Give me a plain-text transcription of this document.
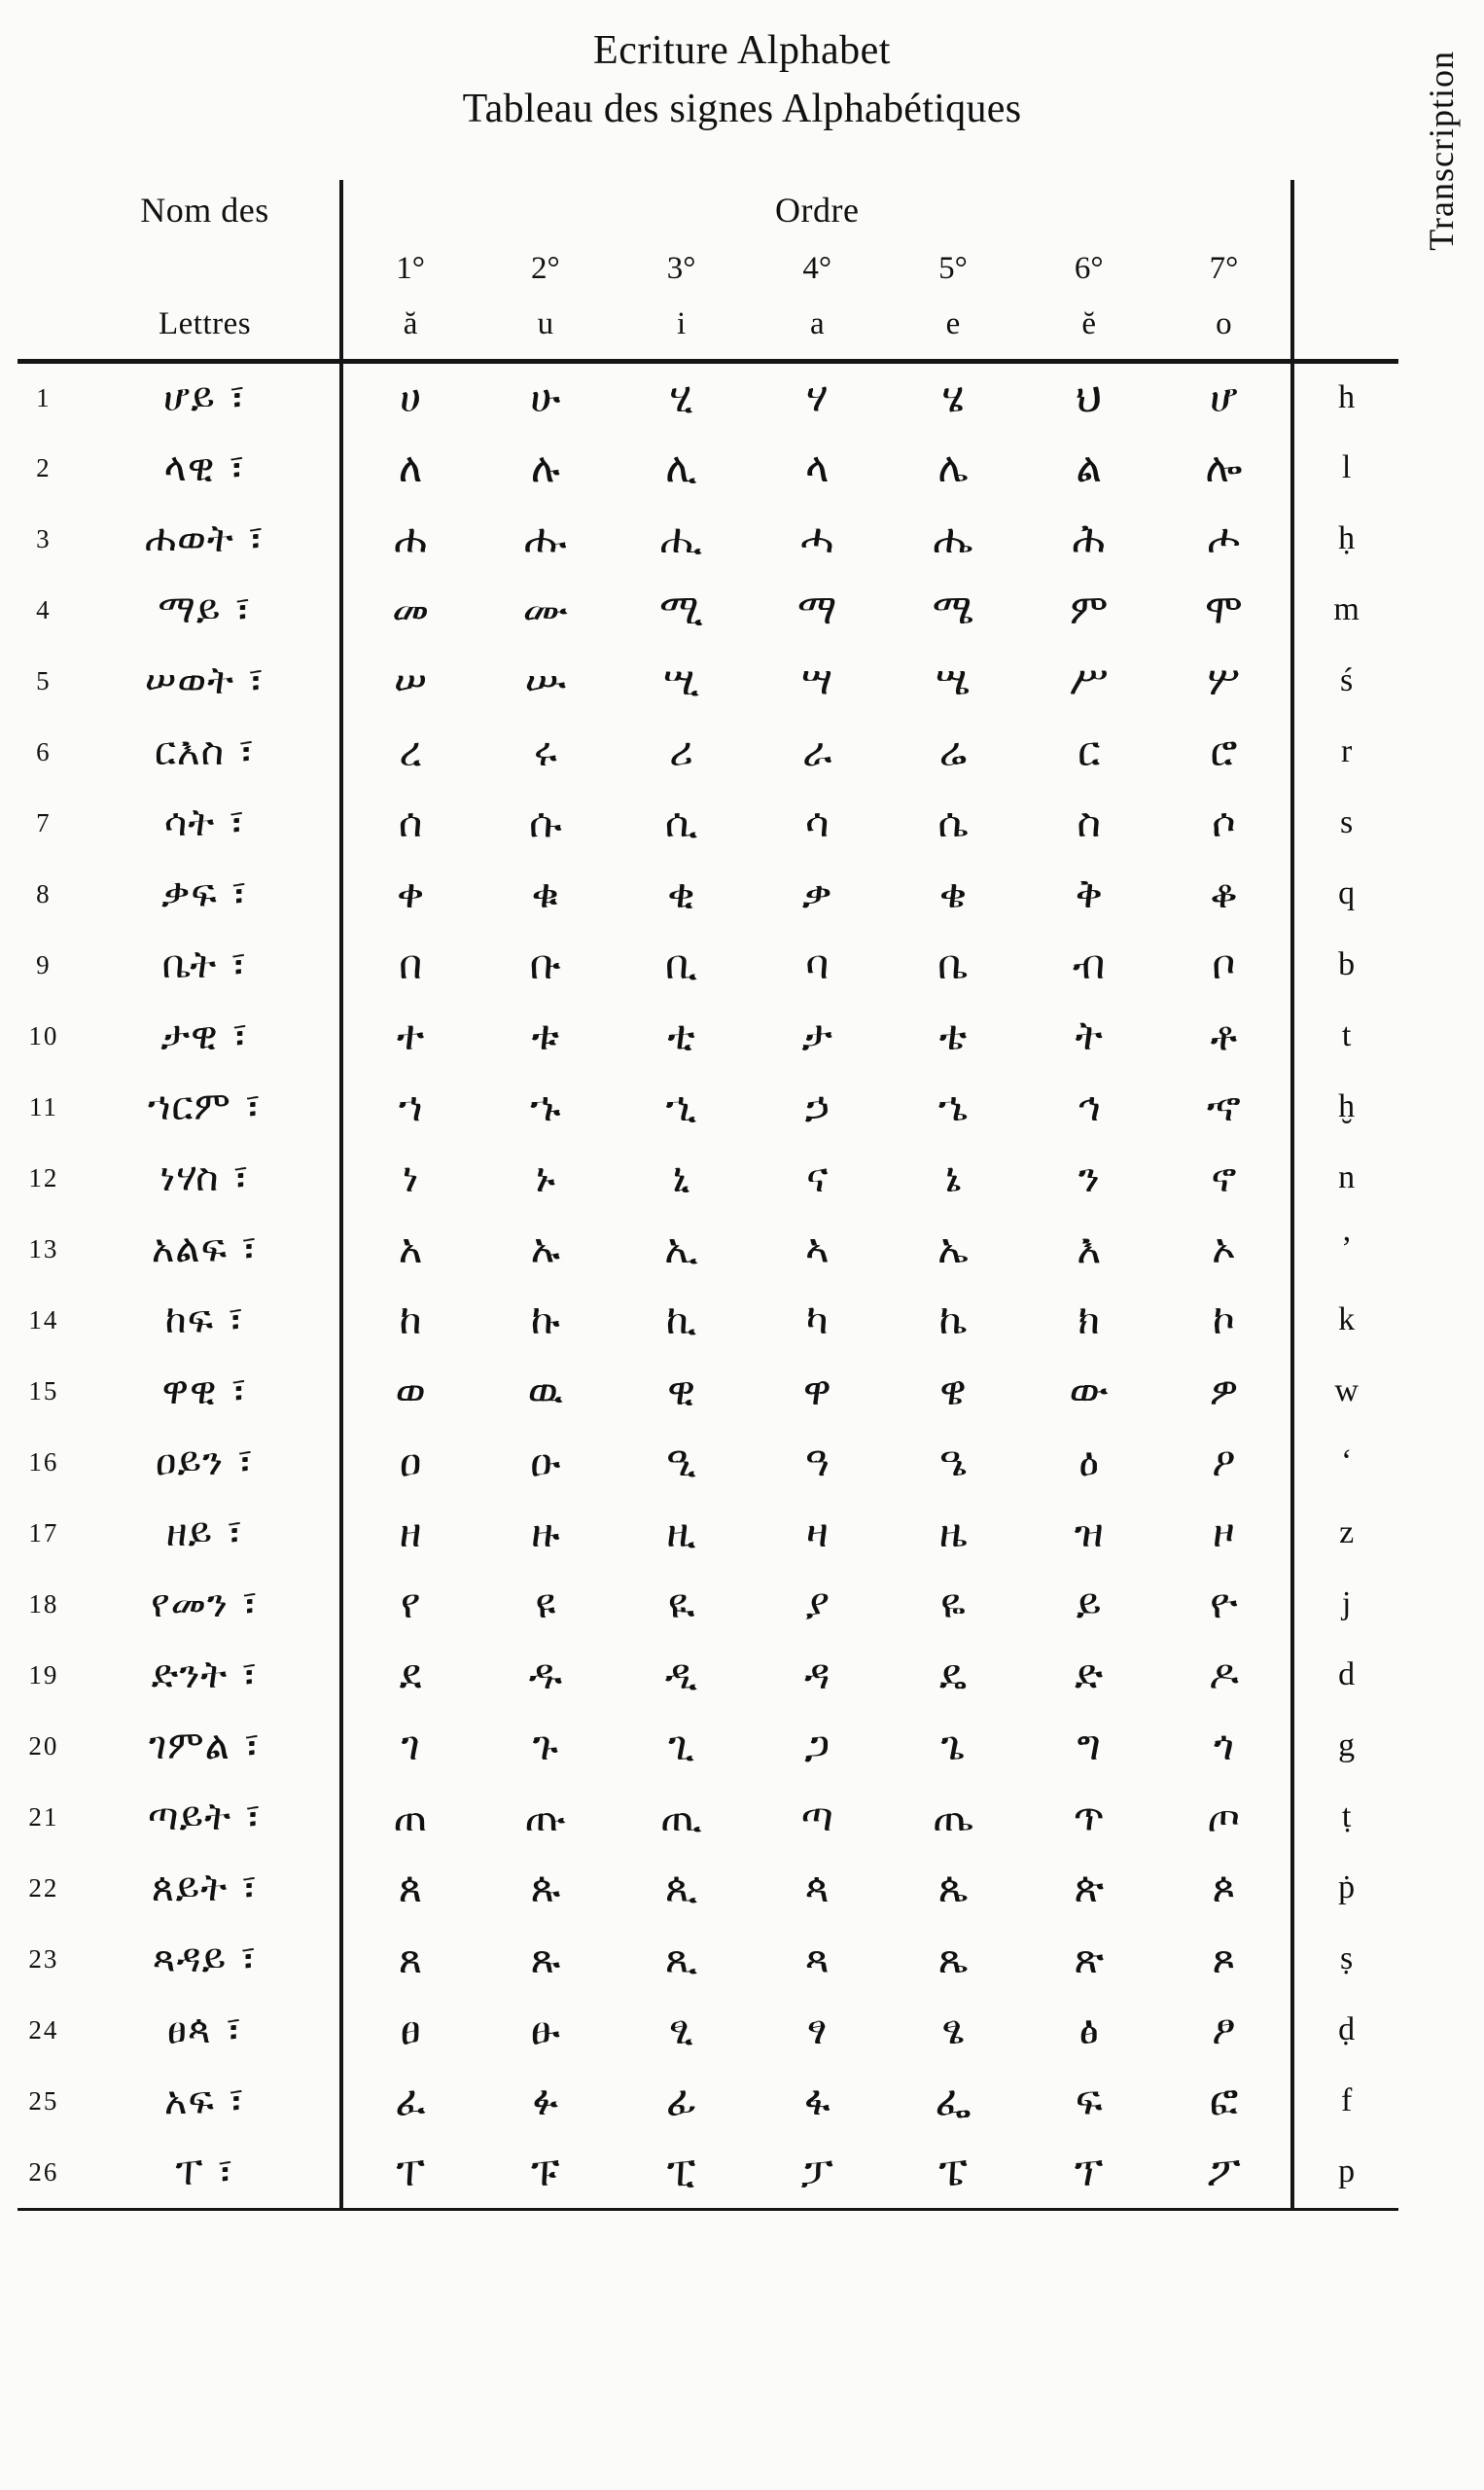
Ecriture Alphabet
Tableau des signes Alphabétiques	Transcription
	Nom des	Ordre							
		1°	2°	3°	4°	5°	6°	7°	
	Lettres	ă	u	i	a	e	ĕ	o	

1	ሆይ ፣	ሀ	ሁ	ሂ	ሃ	ሄ	ህ	ሆ	h
2	ላዊ ፣	ለ	ሉ	ሊ	ላ	ሌ	ል	ሎ	l
3	ሐወት ፣	ሐ	ሑ	ሒ	ሓ	ሔ	ሕ	ሖ	ḥ
4	ማይ ፣	መ	ሙ	ሚ	ማ	ሜ	ም	ሞ	m
5	ሠወት ፣	ሠ	ሡ	ሢ	ሣ	ሤ	ሥ	ሦ	ś
6	ርእስ ፣	ረ	ሩ	ሪ	ራ	ሬ	ር	ሮ	r
7	ሳት ፣	ሰ	ሱ	ሲ	ሳ	ሴ	ስ	ሶ	s
8	ቃፍ ፣	ቀ	ቁ	ቂ	ቃ	ቄ	ቅ	ቆ	q
9	ቤት ፣	በ	ቡ	ቢ	ባ	ቤ	ብ	ቦ	b
10	ታዊ ፣	ተ	ቱ	ቲ	ታ	ቴ	ት	ቶ	t
11	ኀርም ፣	ኀ	ኁ	ኂ	ኃ	ኄ	ኅ	ኆ	ḫ
12	ነሃስ ፣	ነ	ኑ	ኒ	ና	ኔ	ን	ኖ	n
13	አልፍ ፣	አ	ኡ	ኢ	ኣ	ኤ	እ	ኦ	’
14	ከፍ ፣	ከ	ኩ	ኪ	ካ	ኬ	ክ	ኮ	k
15	ዋዊ ፣	ወ	ዉ	ዊ	ዋ	ዌ	ው	ዎ	w
16	ዐይን ፣	ዐ	ዑ	ዒ	ዓ	ዔ	ዕ	ዖ	‘
17	ዘይ ፣	ዘ	ዙ	ዚ	ዛ	ዜ	ዝ	ዞ	z
18	የመን ፣	የ	ዩ	ዪ	ያ	ዬ	ይ	ዮ	j
19	ድንት ፣	ደ	ዱ	ዲ	ዳ	ዴ	ድ	ዶ	d
20	ገምል ፣	ገ	ጉ	ጊ	ጋ	ጌ	ግ	ጎ	g
21	ጣይት ፣	ጠ	ጡ	ጢ	ጣ	ጤ	ጥ	ጦ	ṭ
22	ጰይት ፣	ጰ	ጱ	ጲ	ጳ	ጴ	ጵ	ጶ	ṗ
23	ጻዳይ ፣	ጸ	ጹ	ጺ	ጻ	ጼ	ጽ	ጾ	ṣ
24	ፀጳ ፣	ፀ	ፁ	ፂ	ፃ	ፄ	ፅ	ፆ	ḍ
25	አፍ ፣	ፈ	ፉ	ፊ	ፋ	ፌ	ፍ	ፎ	f
26	ፐ ፣	ፐ	ፑ	ፒ	ፓ	ፔ	ፕ	ፖ	p
